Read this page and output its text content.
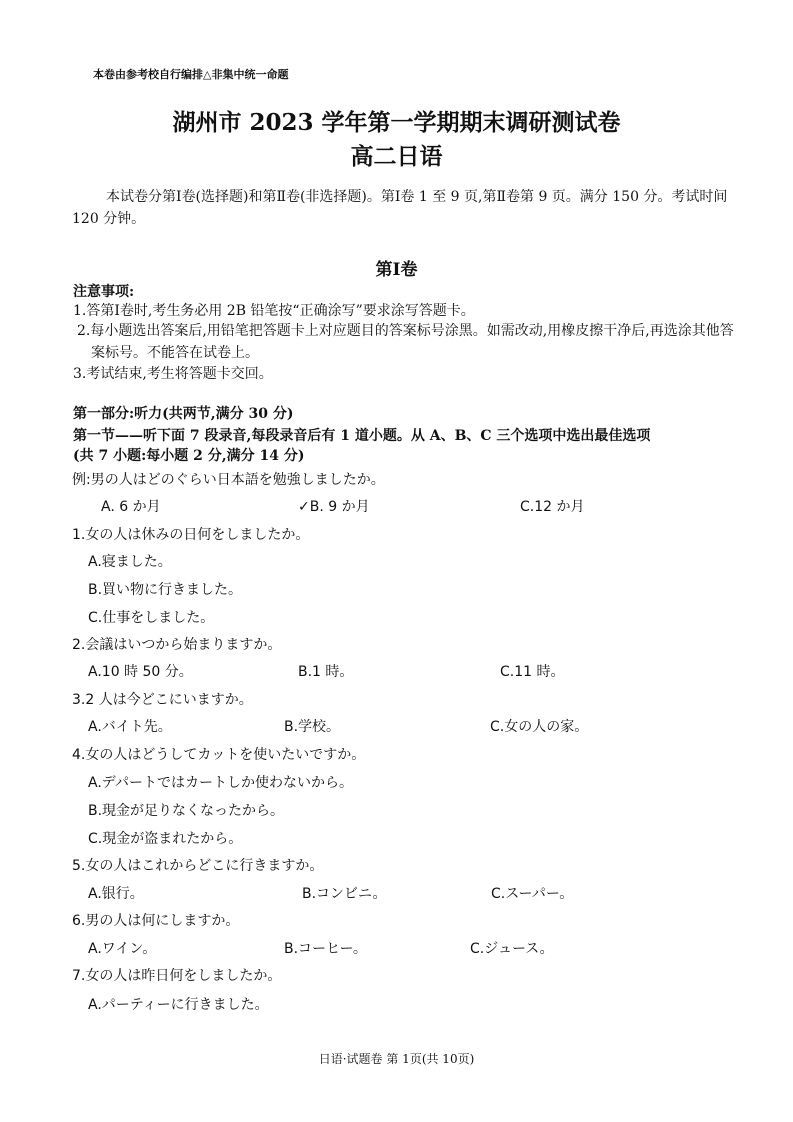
本卷由参考校自行编排△非集中统一命题
湖州市 2023 学年第一学期期末调研测试卷
高二日语
本试卷分第Ⅰ卷(选择题)和第Ⅱ卷(非选择题)。第Ⅰ卷 1 至 9 页,第Ⅱ卷第 9 页。满分 150 分。考试时间 120 分钟。
第Ⅰ卷
注意事项:
1.答第Ⅰ卷时,考生务必用 2B 铅笔按“正确涂写”要求涂写答题卡。
2.每小题选出答案后,用铅笔把答题卡上对应题目的答案标号涂黑。如需改动,用橡皮擦干净后,再选涂其他答案标号。不能答在试卷上。
3.考试结束,考生将答题卡交回。
第一部分:听力(共两节,满分 30 分)
第一节——听下面 7 段录音,每段录音后有 1 道小题。从 A、B、C 三个选项中选出最佳选项
(共 7 小题:每小题 2 分,满分 14 分)
例:男の人はどのぐらい日本語を勉強しましたか。
A. 6 か月	✓B. 9 か月	C.12 か月
1.女の人は休みの日何をしましたか。
A.寝ました。
B.買い物に行きました。
C.仕事をしました。
2.会議はいつから始まりますか。
A.10 時 50 分。	B.1 時。	C.11 時。
3.2 人は今どこにいますか。
A.バイト先。	B.学校。	C.女の人の家。
4.女の人はどうしてカットを使いたいですか。
A.デパートではカートしか使わないから。
B.現金が足りなくなったから。
C.現金が盗まれたから。
5.女の人はこれからどこに行きますか。
A.银行。	B.コンビニ。	C.スーパー。
6.男の人は何にしますか。
A.ワイン。	B.コーヒー。	C.ジュース。
7.女の人は昨日何をしましたか。
A.パーティーに行きました。
日语·试题卷 第 1页(共 10页)
